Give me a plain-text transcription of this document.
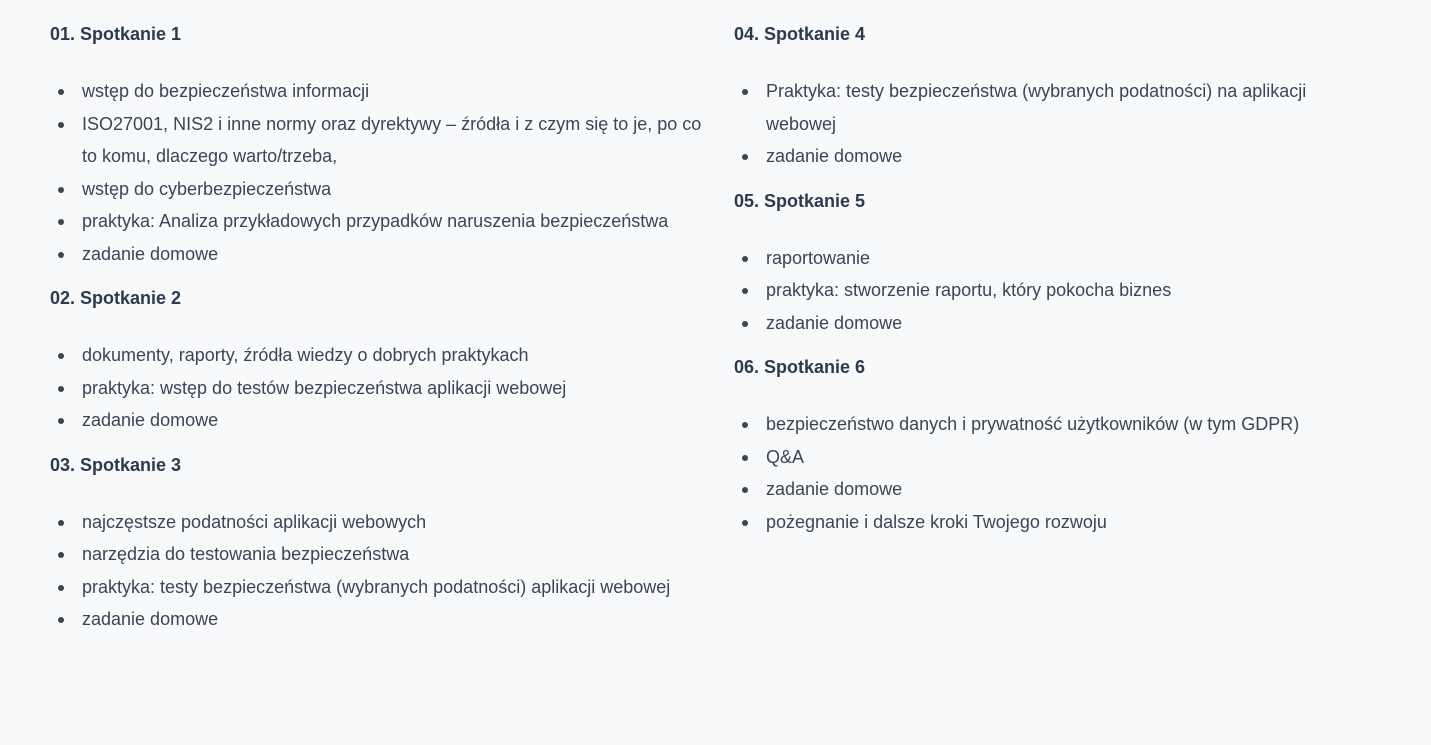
01. Spotkanie 1
wstęp do bezpieczeństwa informacji
ISO27001, NIS2 i inne normy oraz dyrektywy – źródła i z czym się to je, po co to komu, dlaczego warto/trzeba,
wstęp do cyberbezpieczeństwa
praktyka: Analiza przykładowych przypadków naruszenia bezpieczeństwa
zadanie domowe
02. Spotkanie 2
dokumenty, raporty, źródła wiedzy o dobrych praktykach
praktyka: wstęp do testów bezpieczeństwa aplikacji webowej
zadanie domowe
03. Spotkanie 3
najczęstsze podatności aplikacji webowych
narzędzia do testowania bezpieczeństwa
praktyka: testy bezpieczeństwa (wybranych podatności) aplikacji webowej
zadanie domowe
04. Spotkanie 4
Praktyka: testy bezpieczeństwa (wybranych podatności) na aplikacji webowej
zadanie domowe
05. Spotkanie 5
raportowanie
praktyka: stworzenie raportu, który pokocha biznes
zadanie domowe
06. Spotkanie 6
bezpieczeństwo danych i prywatność użytkowników (w tym GDPR)
Q&A
zadanie domowe
pożegnanie i dalsze kroki Twojego rozwoju
